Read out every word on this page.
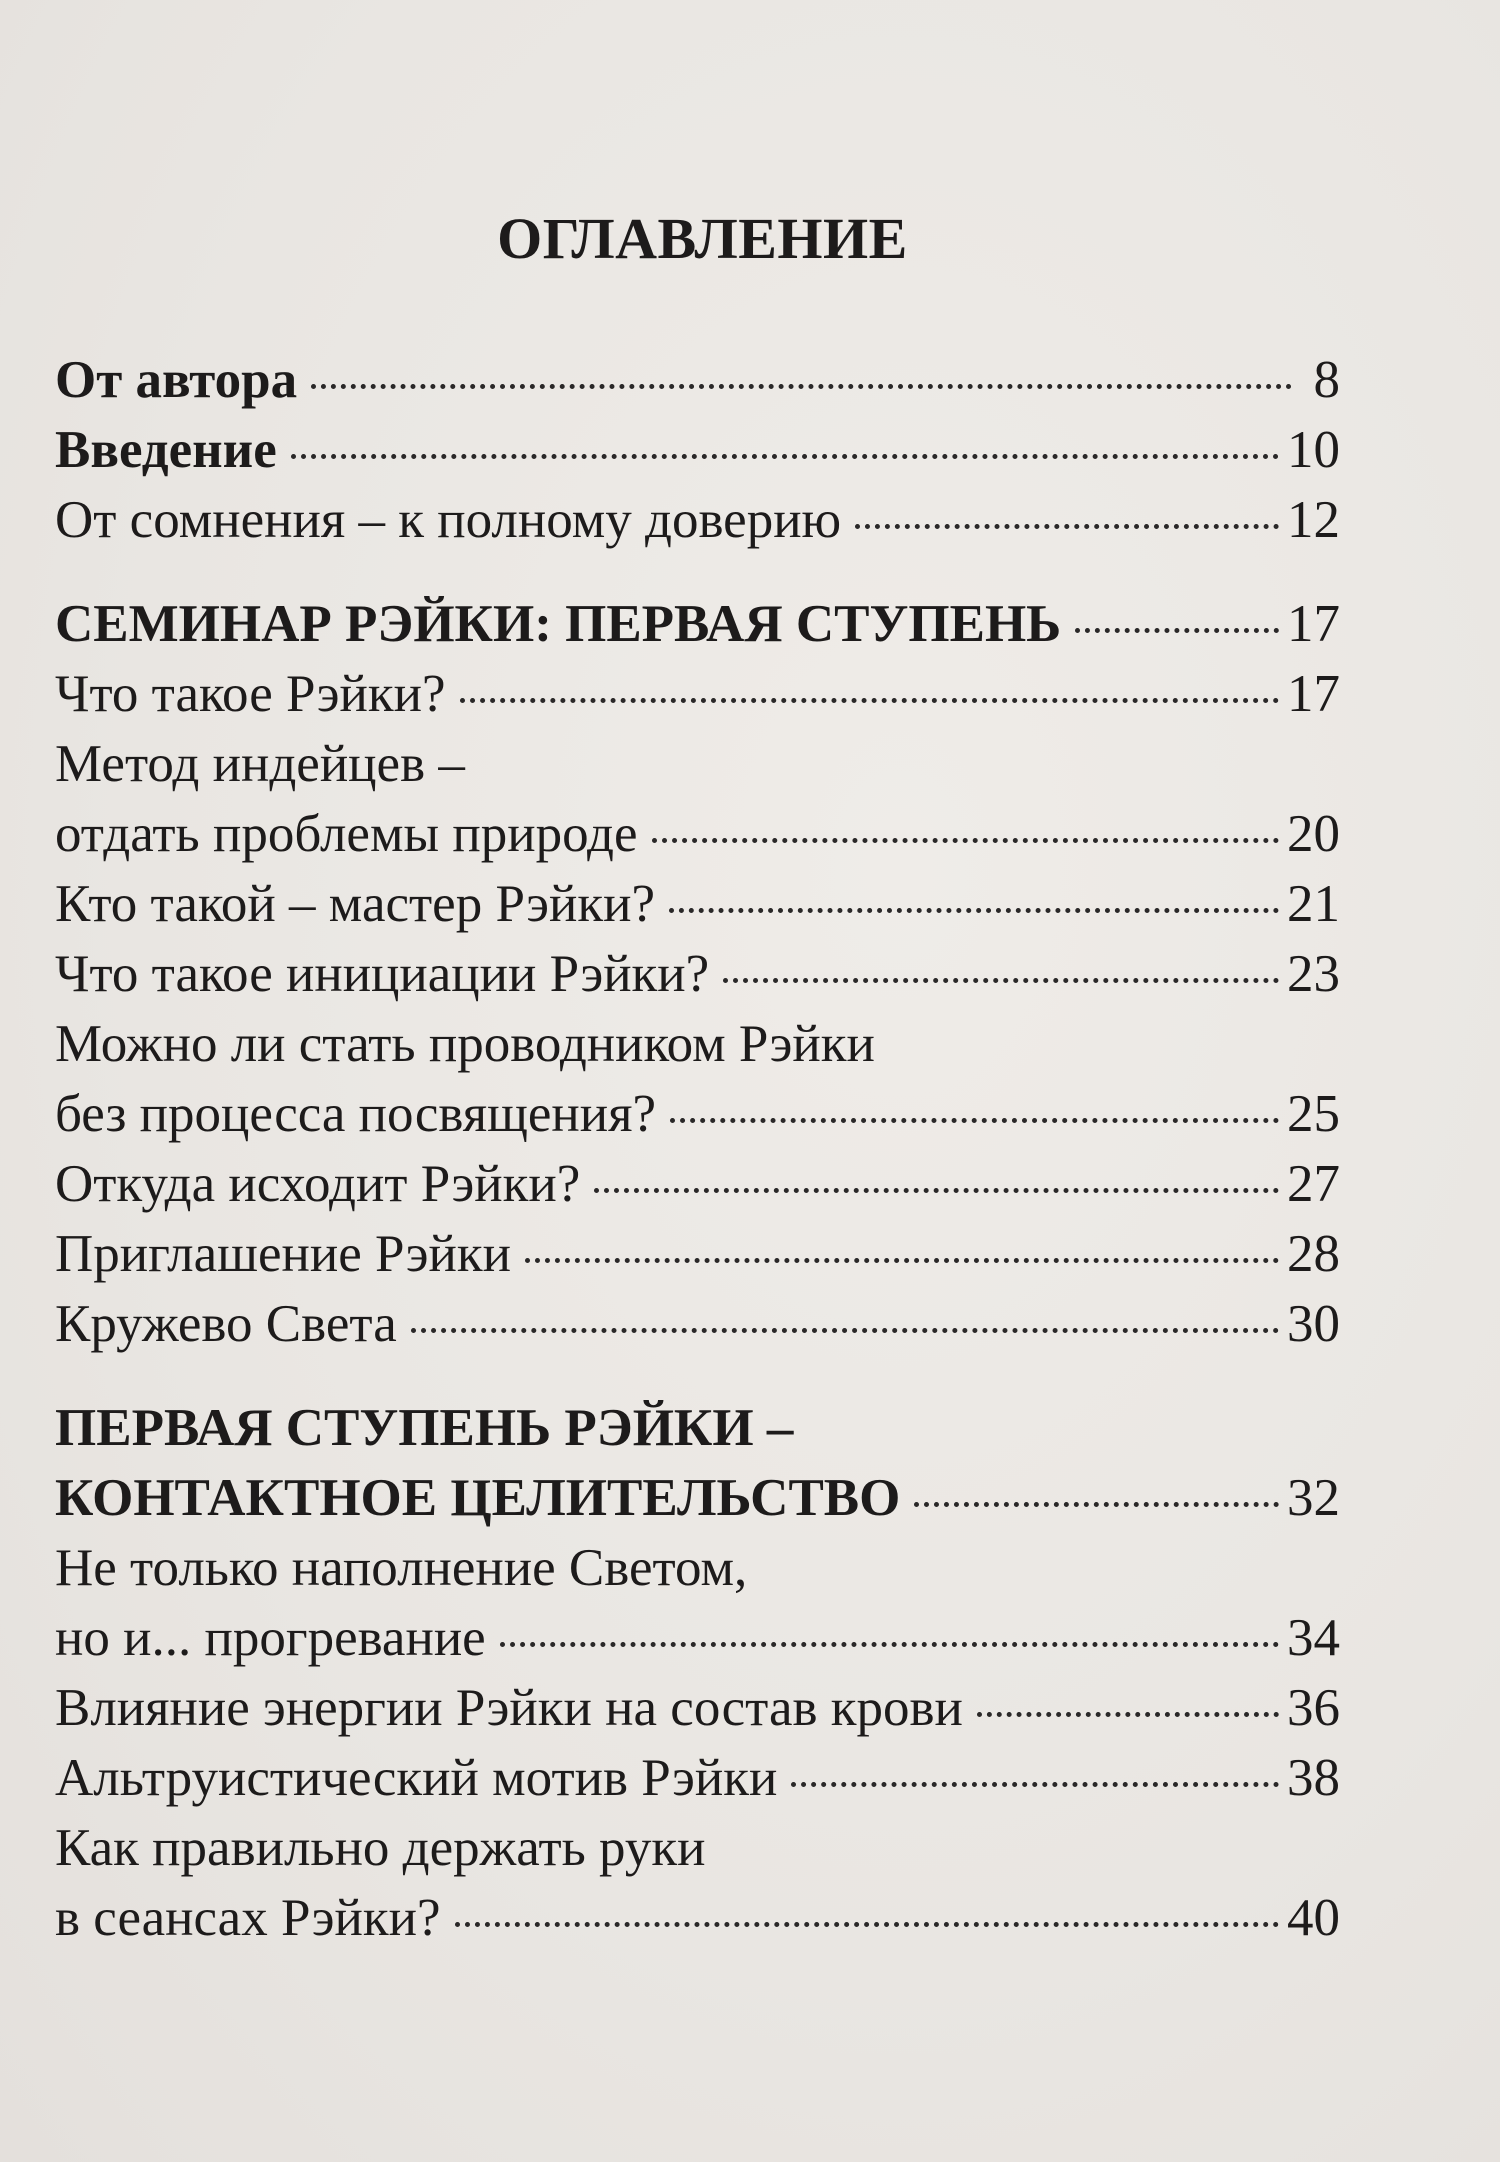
ОГЛАВЛЕНИЕ
От автора	8
Введение	10
От сомнения – к полному доверию	12
СЕМИНАР РЭЙКИ: ПЕРВАЯ СТУПЕНЬ	17
Что такое Рэйки?	17
Метод индейцев –
отдать проблемы природе	20
Кто такой – мастер Рэйки?	21
Что такое инициации Рэйки?	23
Можно ли стать проводником Рэйки
без процесса посвящения?	25
Откуда исходит Рэйки?	27
Приглашение Рэйки	28
Кружево Света	30
ПЕРВАЯ СТУПЕНЬ РЭЙКИ –
КОНТАКТНОЕ ЦЕЛИТЕЛЬСТВО	32
Не только наполнение Светом,
но и... прогревание	34
Влияние энергии Рэйки на состав крови	36
Альтруистический мотив Рэйки	38
Как правильно держать руки
в сеансах Рэйки?	40
